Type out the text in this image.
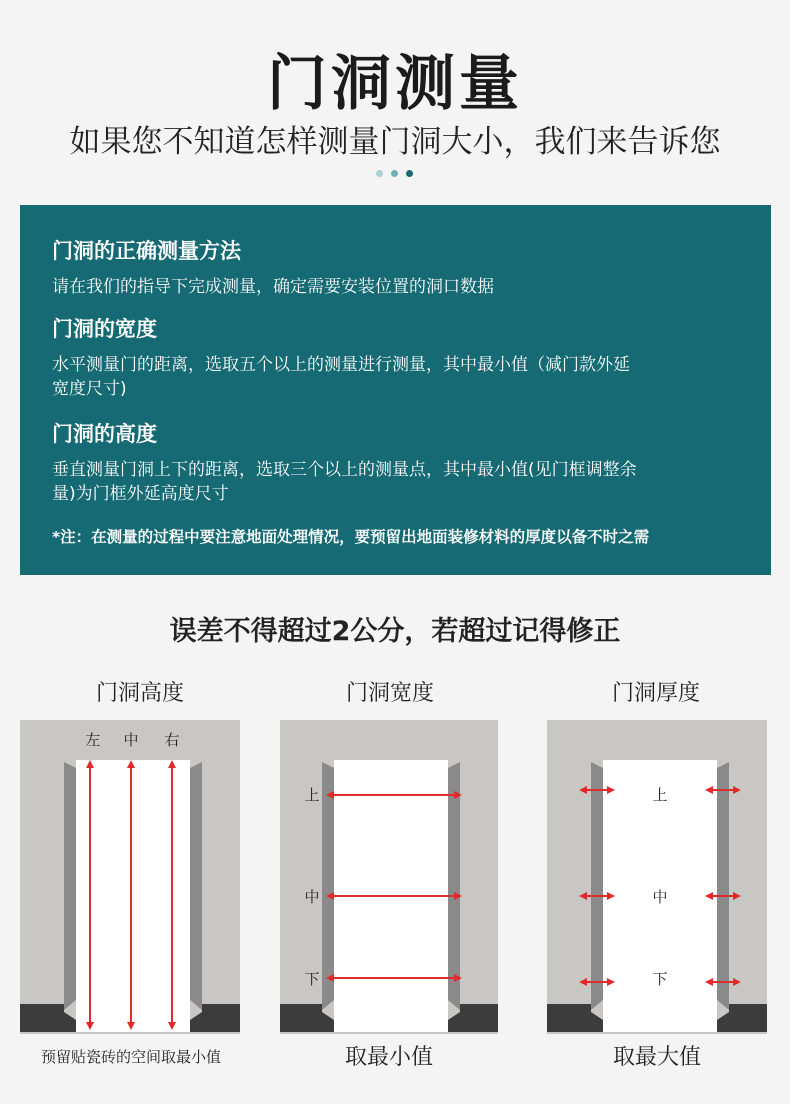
门洞测量
如果您不知道怎样测量门洞大小，我们来告诉您
门洞的正确测量方法
请在我们的指导下完成测量，确定需要安装位置的洞口数据
门洞的宽度
水平测量门的距离，选取五个以上的测量进行测量，其中最小值（减门款外延
宽度尺寸)
门洞的高度
垂直测量门洞上下的距离，选取三个以上的测量点，其中最小值(见门框调整余
量)为门框外延高度尺寸
*注：在测量的过程中要注意地面处理情况，要预留出地面装修材料的厚度以备不时之需
误差不得超过2公分，若超过记得修正
门洞高度	门洞宽度	门洞厚度
左 中 右
上
中
下
上
中
下
预留贴瓷砖的空间取最小值	取最小值	取最大值
